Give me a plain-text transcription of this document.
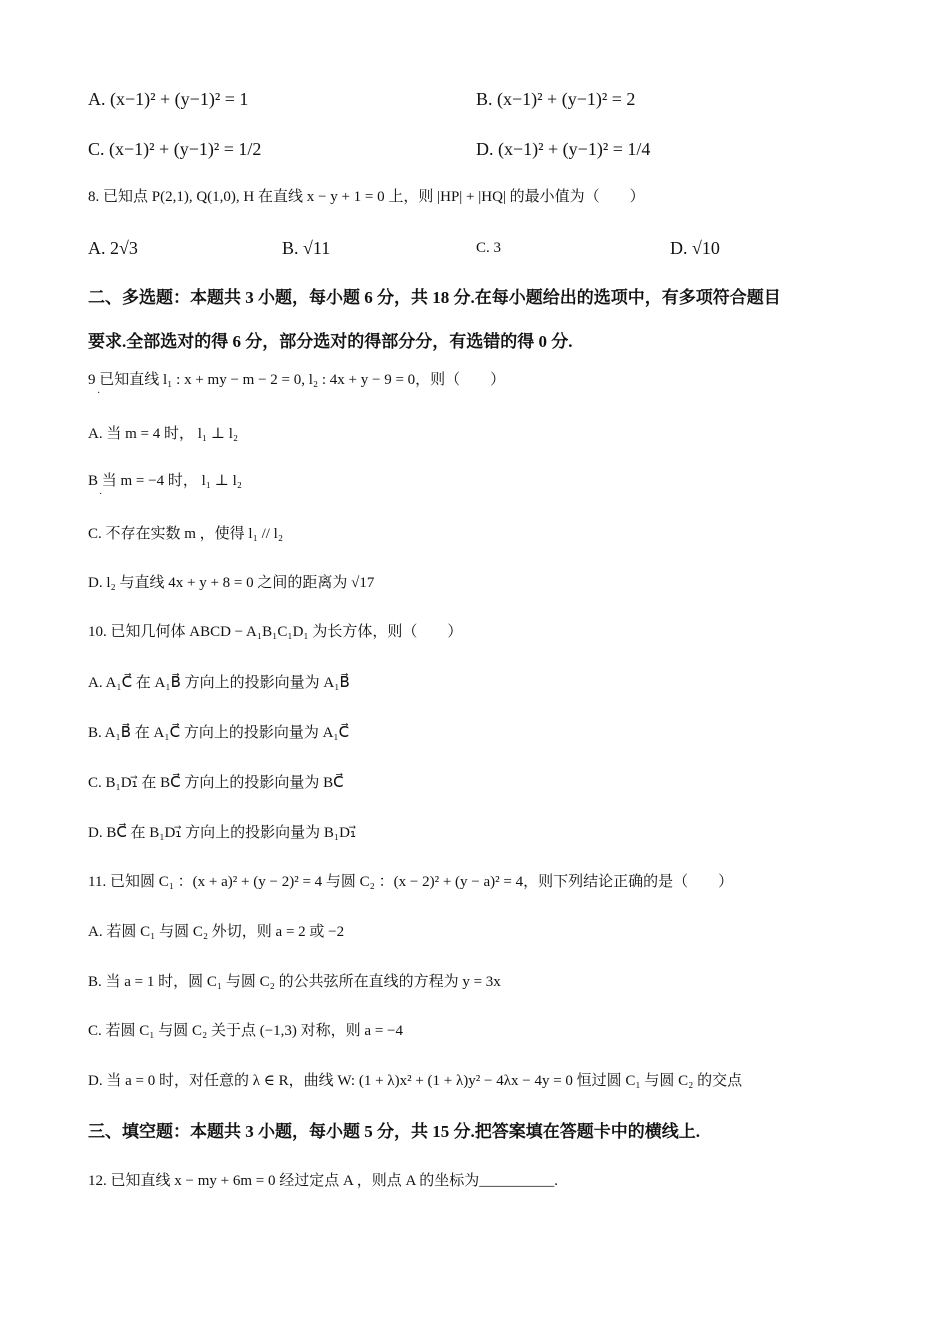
A. (x−1)² + (y−1)² = 1	B. (x−1)² + (y−1)² = 2
C. (x−1)² + (y−1)² = 1/2	D. (x−1)² + (y−1)² = 1/4
8. 已知点 P(2,1), Q(1,0), H 在直线 x − y + 1 = 0 上，则 |HP| + |HQ| 的最小值为（　　）
A. 2√3	B. √11	C. 3	D. √10
二、多选题：本题共 3 小题，每小题 6 分，共 18 分.在每小题给出的选项中，有多项符合题目
要求.全部选对的得 6 分，部分选对的得部分分，有选错的得 0 分.
9 已知直线 l₁ : x + my − m − 2 = 0, l₂ : 4x + y − 9 = 0，则（　　）
·
A. 当 m = 4 时， l₁ ⊥ l₂
B 当 m = −4 时， l₁ ⊥ l₂
·
C. 不存在实数 m ，使得 l₁ // l₂
D. l₂ 与直线 4x + y + 8 = 0 之间的距离为 √17
10. 已知几何体 ABCD − A₁B₁C₁D₁ 为长方体，则（　　）
A. A₁C⃗ 在 A₁B⃗ 方向上的投影向量为 A₁B⃗
B. A₁B⃗ 在 A₁C⃗ 方向上的投影向量为 A₁C⃗
C. B₁D₁⃗ 在 BC⃗ 方向上的投影向量为 BC⃗
D. BC⃗ 在 B₁D₁⃗ 方向上的投影向量为 B₁D₁⃗
11. 已知圆 C₁ ：(x + a)² + (y − 2)² = 4 与圆 C₂ ：(x − 2)² + (y − a)² = 4，则下列结论正确的是（　　）
A. 若圆 C₁ 与圆 C₂ 外切，则 a = 2 或 −2
B. 当 a = 1 时，圆 C₁ 与圆 C₂ 的公共弦所在直线的方程为 y = 3x
C. 若圆 C₁ 与圆 C₂ 关于点 (−1,3) 对称，则 a = −4
D. 当 a = 0 时，对任意的 λ ∈ R，曲线 W: (1 + λ)x² + (1 + λ)y² − 4λx − 4y = 0 恒过圆 C₁ 与圆 C₂ 的交点
三、填空题：本题共 3 小题，每小题 5 分，共 15 分.把答案填在答题卡中的横线上.
12. 已知直线 x − my + 6m = 0 经过定点 A ，则点 A 的坐标为__________.
